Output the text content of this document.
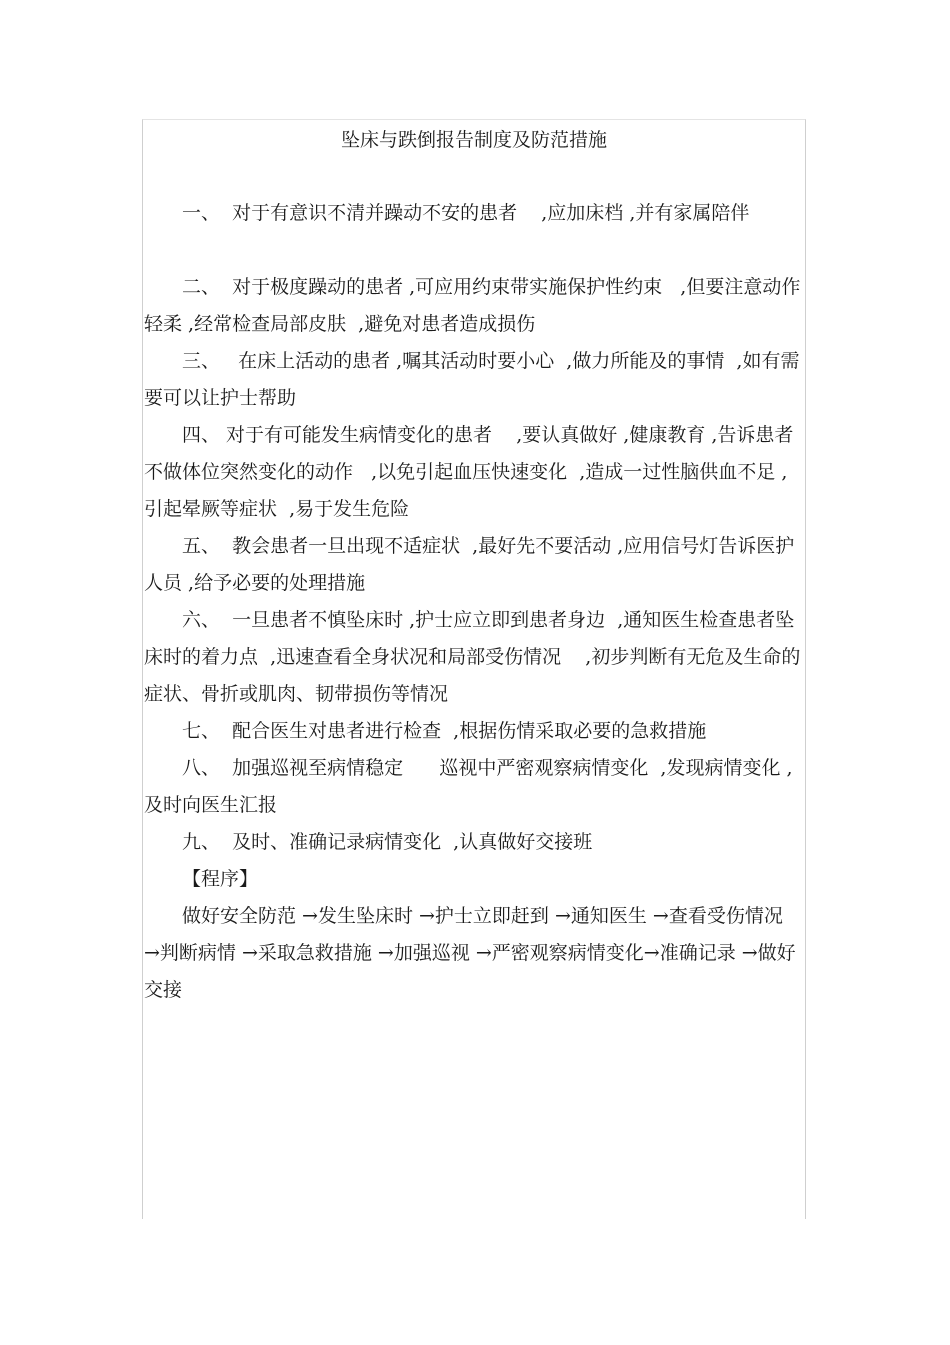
坠床与跌倒报告制度及防范措施

一、  对于有意识不清并躁动不安的患者    ,应加床档 ,并有家属陪伴

二、  对于极度躁动的患者 ,可应用约束带实施保护性约束   ,但要注意动作轻柔 ,经常检查局部皮肤  ,避免对患者造成损伤

三、   在床上活动的患者 ,嘱其活动时要小心  ,做力所能及的事情  ,如有需要可以让护士帮助

四、 对于有可能发生病情变化的患者    ,要认真做好 ,健康教育 ,告诉患者不做体位突然变化的动作   ,以免引起血压快速变化  ,造成一过性脑供血不足 ,引起晕厥等症状  ,易于发生危险

五、  教会患者一旦出现不适症状  ,最好先不要活动 ,应用信号灯告诉医护人员 ,给予必要的处理措施

六、  一旦患者不慎坠床时 ,护士应立即到患者身边  ,通知医生检查患者坠床时的着力点  ,迅速查看全身状况和局部受伤情况    ,初步判断有无危及生命的症状、骨折或肌肉、韧带损伤等情况

七、  配合医生对患者进行检查  ,根据伤情采取必要的急救措施

八、  加强巡视至病情稳定      巡视中严密观察病情变化  ,发现病情变化 ,及时向医生汇报

九、  及时、准确记录病情变化  ,认真做好交接班

【程序】

做好安全防范 →发生坠床时 →护士立即赶到 →通知医生 →查看受伤情况 →判断病情 →采取急救措施 →加强巡视 →严密观察病情变化→准确记录 →做好交接
